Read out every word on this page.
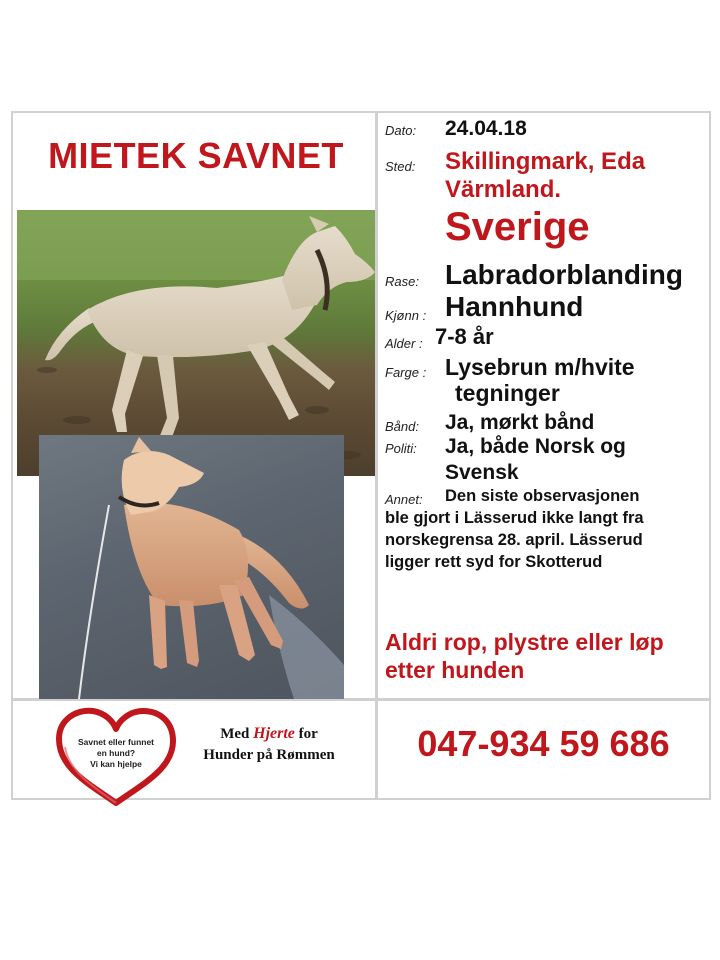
MIETEK SAVNET
Dato: 24.04.18
Sted: Skillingmark, Eda
Värmland.
Sverige
Rase: Labradorblanding
Kjønn : Hannhund
Alder : 7-8 år
Farge : Lysebrun m/hvite
tegninger
Bånd: Ja, mørkt bånd
Politi: Ja, både Norsk og
Svensk
Annet: Den siste observasjonen
ble gjort i Lässerud ikke langt fra
norskegrensa 28. april. Lässerud
ligger rett syd for Skotterud
Aldri rop, plystre eller løp
etter hunden
Savnet eller funnet
en hund?
Vi kan hjelpe
Med Hjerte for
Hunder på Rømmen	047-934 59 686
